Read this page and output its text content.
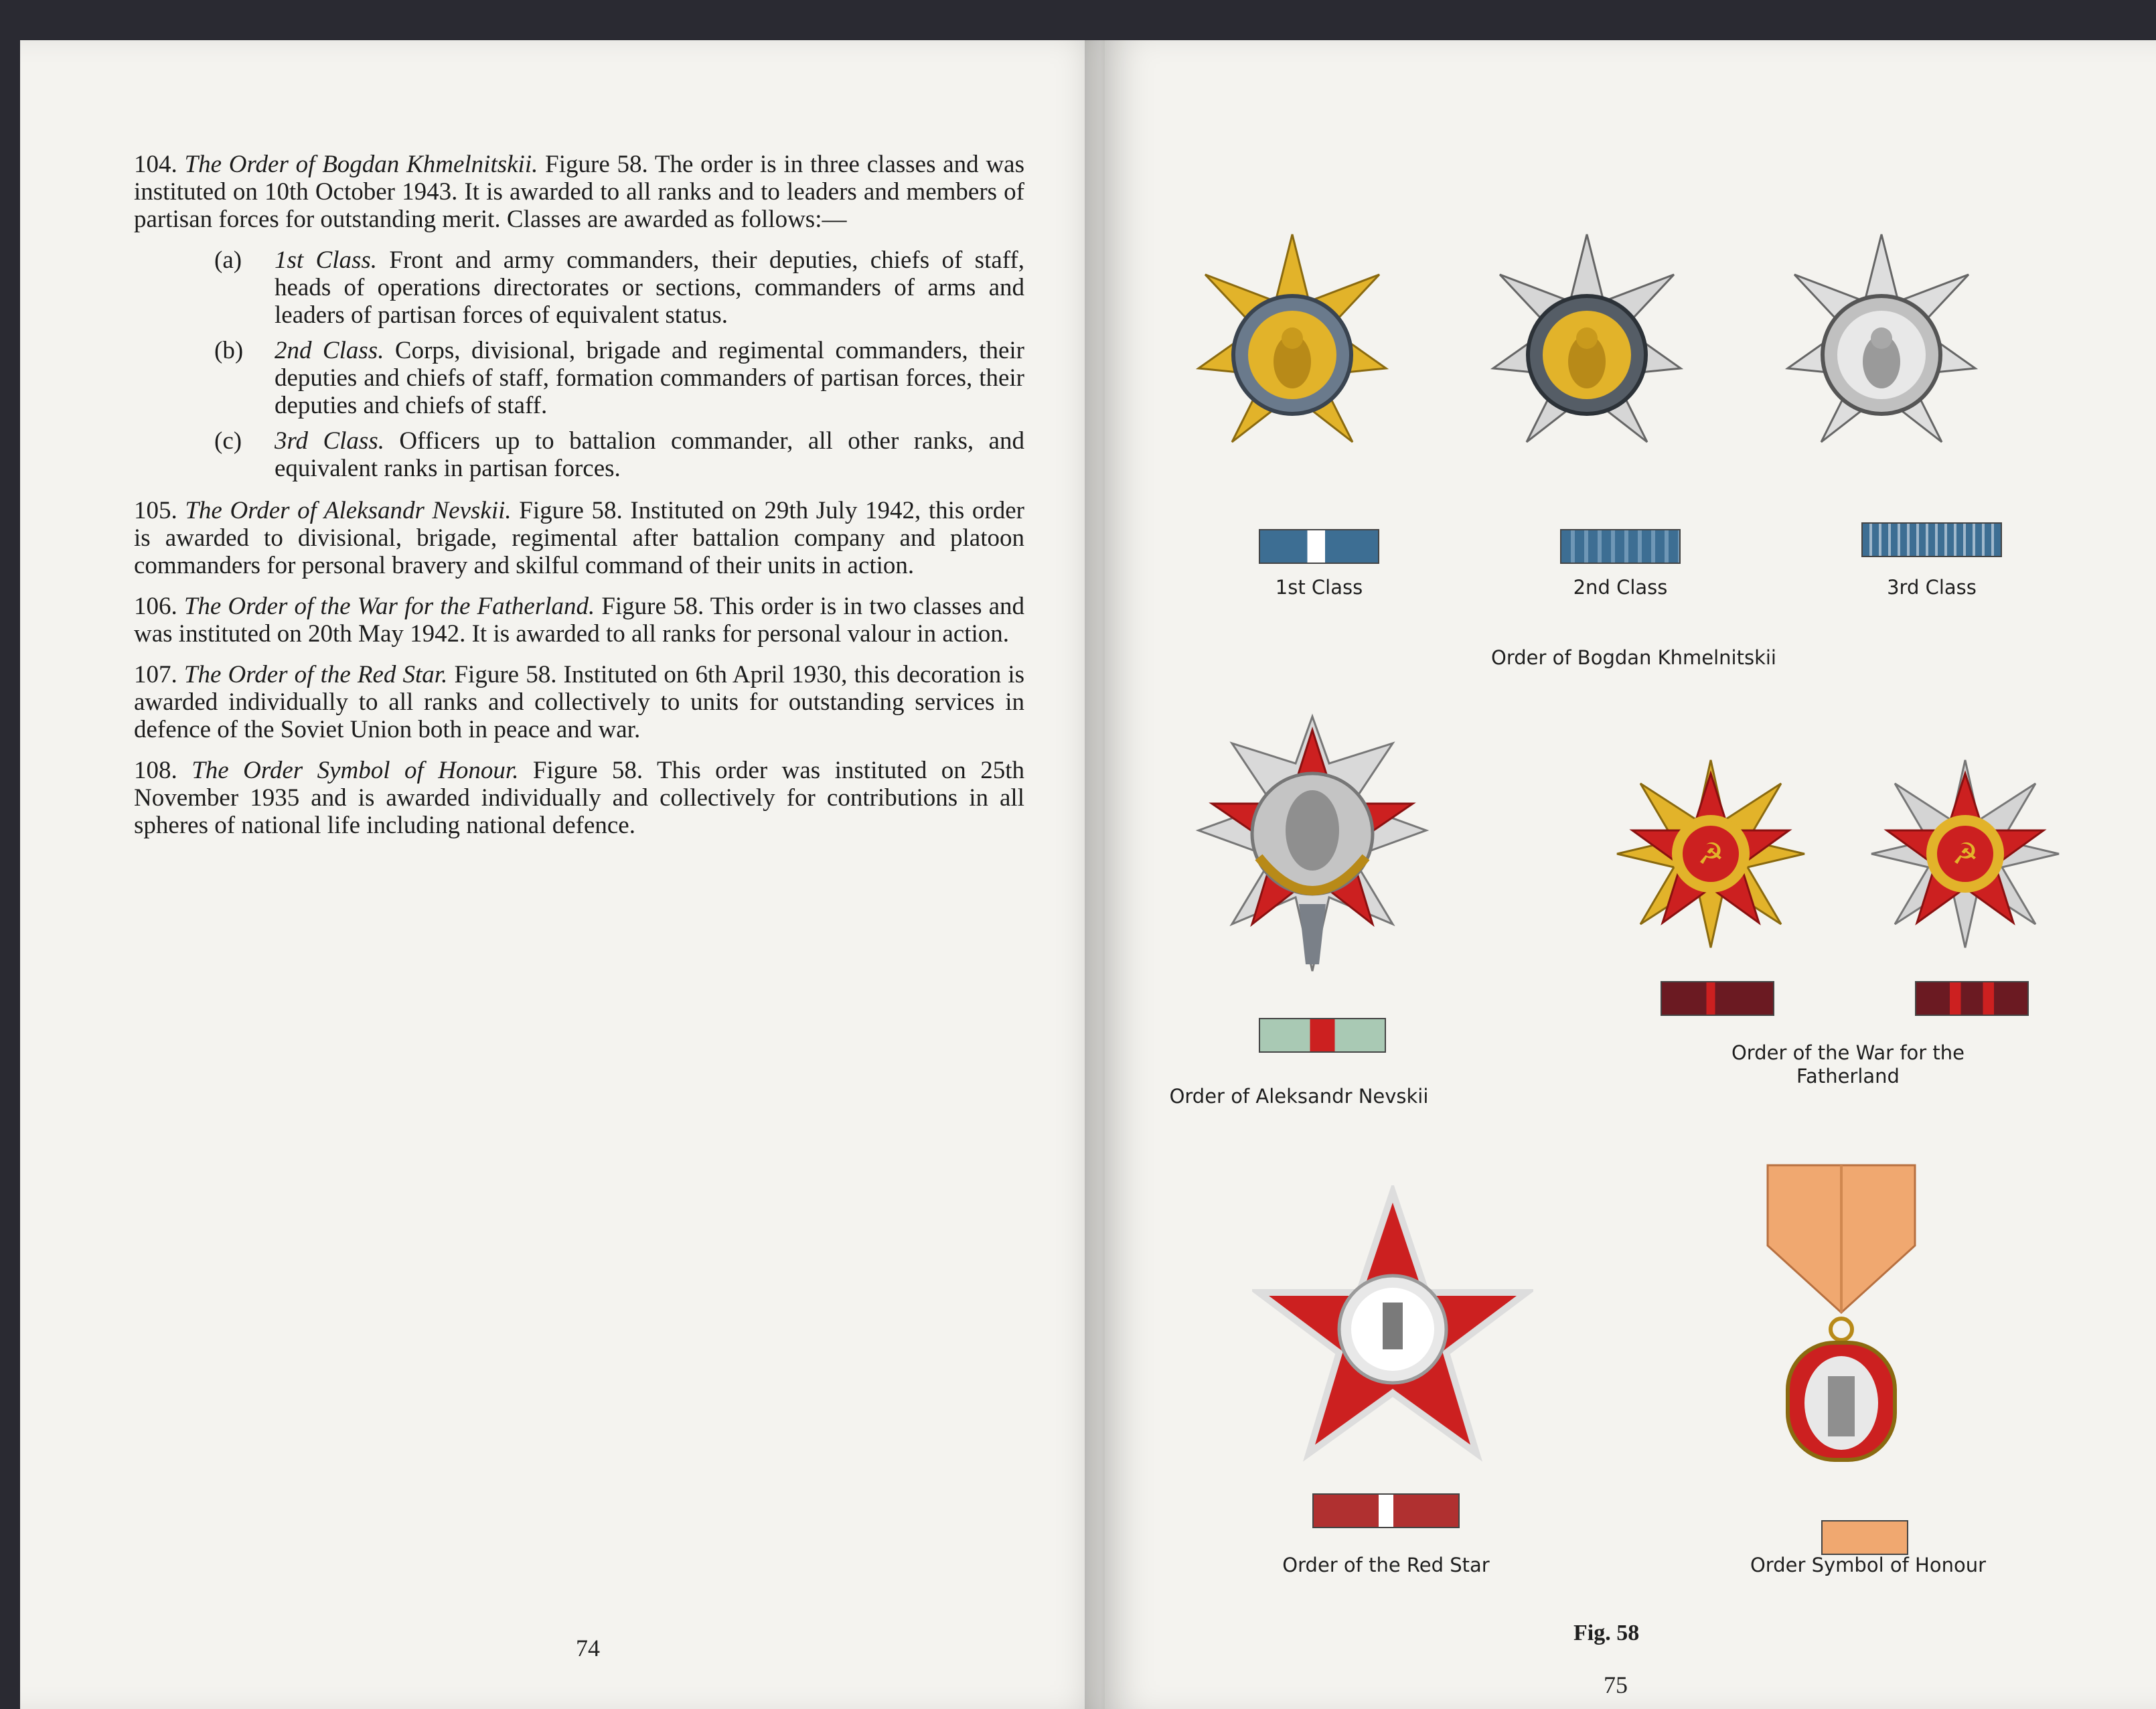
104. The Order of Bogdan Khmelnitskii. Figure 58. The order is in three classes and was instituted on 10th October 1943. It is awarded to all ranks and to leaders and members of partisan forces for outstanding merit. Classes are awarded as follows:—

(a)	1st Class. Front and army commanders, their deputies, chiefs of staff, heads of operations directorates or sections, commanders of arms and leaders of partisan forces of equivalent status.
(b)	2nd Class. Corps, divisional, brigade and regimental commanders, their deputies and chiefs of staff, formation commanders of partisan forces, their deputies and chiefs of staff.
(c)	3rd Class. Officers up to battalion commander, all other ranks, and equivalent ranks in partisan forces.

105. The Order of Aleksandr Nevskii. Figure 58. Instituted on 29th July 1942, this order is awarded to divisional, brigade, regimental after battalion company and platoon commanders for personal bravery and skilful command of their units in action.

106. The Order of the War for the Fatherland. Figure 58. This order is in two classes and was instituted on 20th May 1942. It is awarded to all ranks for personal valour in action.

107. The Order of the Red Star. Figure 58. Instituted on 6th April 1930, this decoration is awarded individually to all ranks and collectively to units for outstanding services in defence of the Soviet Union both in peace and war.

108. The Order Symbol of Honour. Figure 58. This order was instituted on 25th November 1935 and is awarded individually and collectively for contributions in all spheres of national life including national defence.

74
1st Class	2nd Class	3rd Class
Order of Bogdan Khmelnitskii
Order of Aleksandr Nevskii
☭	☭
Order of the War for the
Fatherland
Order of the Red Star	Order Symbol of Honour
Fig. 58
75
